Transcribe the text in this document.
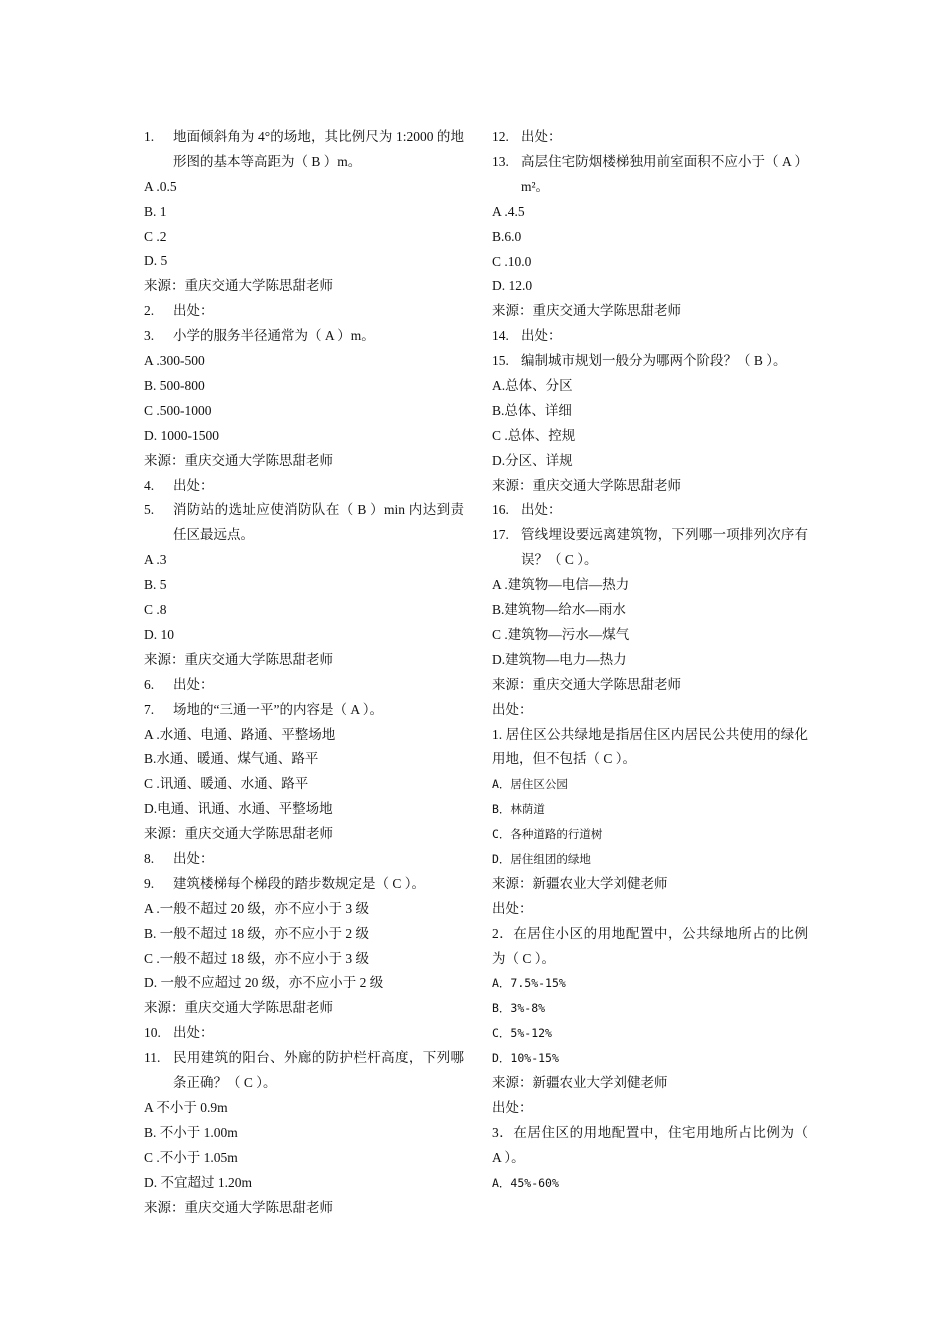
1.	地面倾斜角为 4°的场地，其比例尺为 1:2000 的地形图的基本等高距为（ B ）m。
A .0.5
B. 1
C .2
D. 5
来源：重庆交通大学陈思甜老师
2.	出处：
3.	小学的服务半径通常为（ A ）m。
A .300-500
B. 500-800
C .500-1000
D. 1000-1500
来源：重庆交通大学陈思甜老师
4.	出处：
5.	消防站的选址应使消防队在（ B ）min 内达到责任区最远点。
A .3
B. 5
C .8
D. 10
来源：重庆交通大学陈思甜老师
6.	出处：
7.	场地的“三通一平”的内容是（ A ）。
A .水通、电通、路通、平整场地
B.水通、暖通、煤气通、路平
C .讯通、暖通、水通、路平
D.电通、讯通、水通、平整场地
来源：重庆交通大学陈思甜老师
8.	出处：
9.	建筑楼梯每个梯段的踏步数规定是（ C ）。
A .一般不超过 20 级，亦不应小于 3 级
B. 一般不超过 18 级，亦不应小于 2 级
C .一般不超过 18 级，亦不应小于 3 级
D. 一般不应超过 20 级，亦不应小于 2 级
来源：重庆交通大学陈思甜老师
10. 出处：
11. 民用建筑的阳台、外廊的防护栏杆高度，下列哪条正确？（ C ）。
A 不小于 0.9m
B. 不小于 1.00m
C .不小于 1.05m
D. 不宜超过 1.20m
来源：重庆交通大学陈思甜老师
12. 出处：
13. 高层住宅防烟楼梯独用前室面积不应小于（ A ）m²。
A .4.5
B.6.0
C .10.0
D. 12.0
来源：重庆交通大学陈思甜老师
14. 出处：
15. 编制城市规划一般分为哪两个阶段？（ B ）。
A.总体、分区
B.总体、详细
C .总体、控规
D.分区、详规
来源：重庆交通大学陈思甜老师
16. 出处：
17. 管线埋设要远离建筑物，下列哪一项排列次序有误？（ C ）。
A .建筑物—电信—热力
B.建筑物—给水—雨水
C .建筑物—污水—煤气
D.建筑物—电力—热力
来源：重庆交通大学陈思甜老师
出处：
1. 居住区公共绿地是指居住区内居民公共使用的绿化用地，但不包括（ C ）。
A．居住区公园
B．林荫道
C．各种道路的行道树
D．居住组团的绿地
来源：新疆农业大学刘健老师
出处：
2．在居住小区的用地配置中，公共绿地所占的比例为（ C ）。
A．7.5%-15%
B．3%-8%
C．5%-12%
D．10%-15%
来源：新疆农业大学刘健老师
出处：
3．在居住区的用地配置中，住宅用地所占比例为（ A ）。
A．45%-60%
